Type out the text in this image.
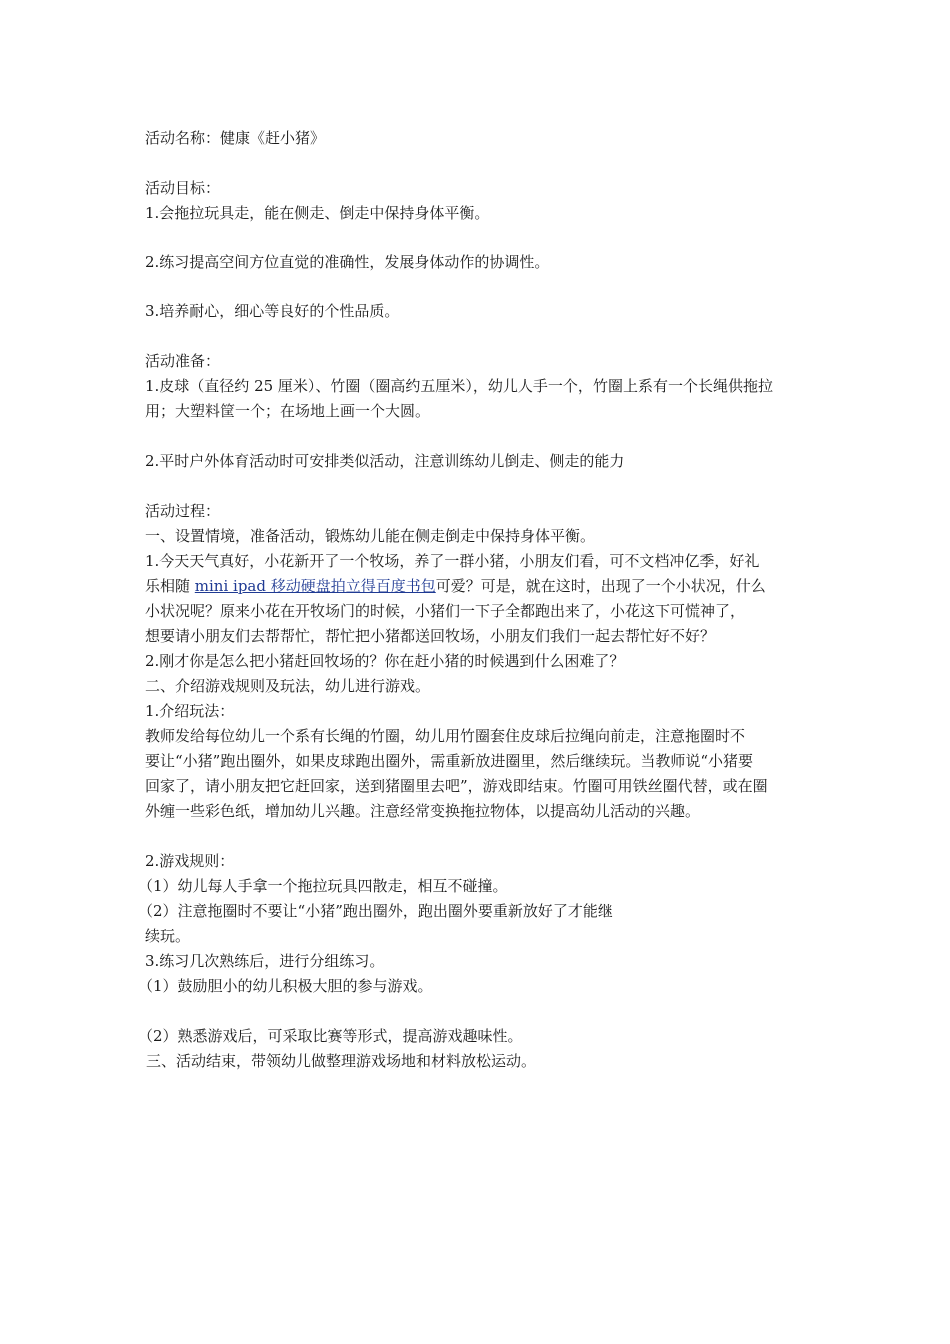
活动名称：健康《赶小猪》
活动目标：
1.会拖拉玩具走，能在侧走、倒走中保持身体平衡。
2.练习提高空间方位直觉的准确性，发展身体动作的协调性。
3.培养耐心，细心等良好的个性品质。
活动准备：
1.皮球（直径约 25 厘米）、竹圈（圈高约五厘米），幼儿人手一个，竹圈上系有一个长绳供拖拉
用；大塑料筐一个；在场地上画一个大圆。
2.平时户外体育活动时可安排类似活动，注意训练幼儿倒走、侧走的能力
活动过程：
一、设置情境，准备活动，锻炼幼儿能在侧走倒走中保持身体平衡。
1.今天天气真好，小花新开了一个牧场，养了一群小猪，小朋友们看，可不文档冲亿季，好礼
乐相随 mini ipad 移动硬盘拍立得百度书包可爱？可是，就在这时，出现了一个小状况，什么
小状况呢？原来小花在开牧场门的时候，小猪们一下子全都跑出来了，小花这下可慌神了，
想要请小朋友们去帮帮忙，帮忙把小猪都送回牧场，小朋友们我们一起去帮忙好不好？
2.刚才你是怎么把小猪赶回牧场的？你在赶小猪的时候遇到什么困难了？
二、介绍游戏规则及玩法，幼儿进行游戏。
1.介绍玩法：
教师发给每位幼儿一个系有长绳的竹圈，幼儿用竹圈套住皮球后拉绳向前走，注意拖圈时不
要让“小猪”跑出圈外，如果皮球跑出圈外，需重新放进圈里，然后继续玩。当教师说“小猪要
回家了，请小朋友把它赶回家，送到猪圈里去吧”，游戏即结束。竹圈可用铁丝圈代替，或在圈
外缠一些彩色纸，增加幼儿兴趣。注意经常变换拖拉物体，以提高幼儿活动的兴趣。
2.游戏规则：
（1）幼儿每人手拿一个拖拉玩具四散走，相互不碰撞。
（2）注意拖圈时不要让“小猪”跑出圈外，跑出圈外要重新放好了才能继
续玩。
3.练习几次熟练后，进行分组练习。
（1）鼓励胆小的幼儿积极大胆的参与游戏。
（2）熟悉游戏后，可采取比赛等形式，提高游戏趣味性。
三、活动结束，带领幼儿做整理游戏场地和材料放松运动。
